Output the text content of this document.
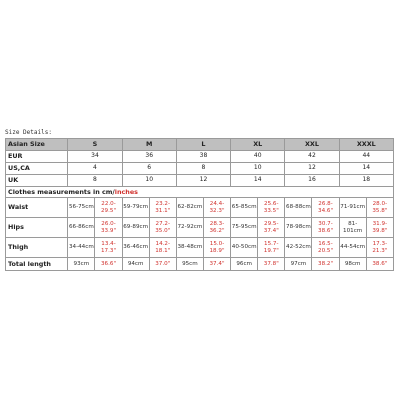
Size Details:
Asian Size	S		M		L		XL		XXL		XXXL	
EUR	34		36		38		40		42		44	
US,CA	4		6		8		10		12		14	
UK	8		10		12		14		16		18	
Clothes measurements in cm/inches												
Waist	56-75cm	22.0-29.5"	59-79cm	23.2-31.1"	62-82cm	24.4-32.3"	65-85cm	25.6-33.5"	68-88cm	26.8-34.6"	71-91cm	28.0-35.8"
Hips	66-86cm	26.0-33.9"	69-89cm	27.2-35.0"	72-92cm	28.3-36.2"	75-95cm	29.5-37.4"	78-98cm	30.7-38.6"	81-101cm	31.9-39.8"
Thigh	34-44cm	13.4-17.3"	36-46cm	14.2-18.1"	38-48cm	15.0-18.9"	40-50cm	15.7-19.7"	42-52cm	16.5-20.5"	44-54cm	17.3-21.3"
Total length	93cm	36.6"	94cm	37.0"	95cm	37.4"	96cm	37.8"	97cm	38.2"	98cm	38.6"
